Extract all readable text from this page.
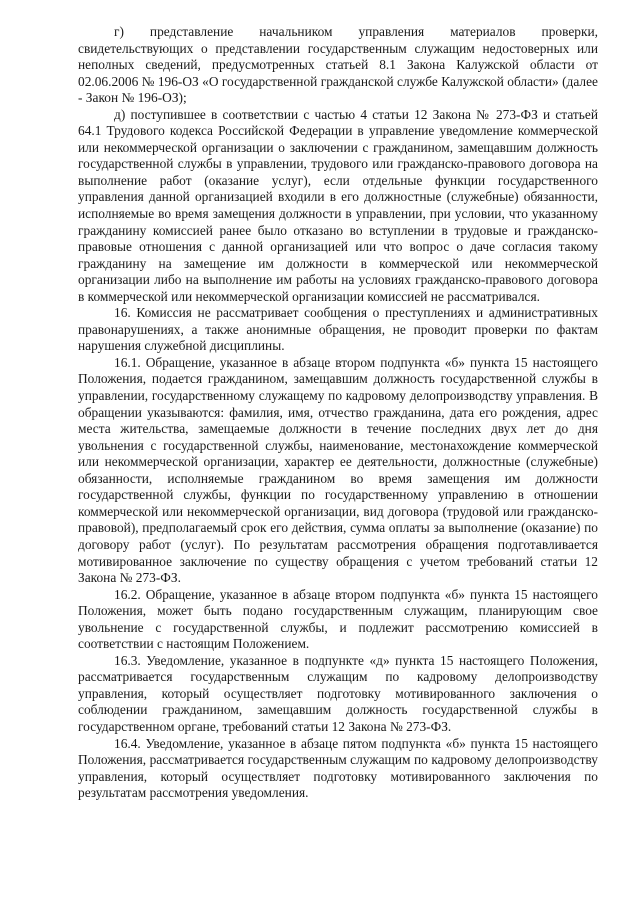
г) представление начальником управления материалов проверки, свидетельствующих о представлении государственным служащим недостоверных или неполных сведений, предусмотренных статьей 8.1 Закона Калужской области от 02.06.2006 № 196-ОЗ «О государственной гражданской службе Калужской области» (далее - Закон № 196-ОЗ);

д) поступившее в соответствии с частью 4 статьи 12 Закона № 273-ФЗ и статьей 64.1 Трудового кодекса Российской Федерации в управление уведомление коммерческой или некоммерческой организации о заключении с гражданином, замещавшим должность государственной службы в управлении, трудового или гражданско-правового договора на выполнение работ (оказание услуг), если отдельные функции государственного управления данной организацией входили в его должностные (служебные) обязанности, исполняемые во время замещения должности в управлении, при условии, что указанному гражданину комиссией ранее было отказано во вступлении в трудовые и гражданско-правовые отношения с данной организацией или что вопрос о даче согласия такому гражданину на замещение им должности в коммерческой или некоммерческой организации либо на выполнение им работы на условиях гражданско-правового договора в коммерческой или некоммерческой организации комиссией не рассматривался.

16. Комиссия не рассматривает сообщения о преступлениях и административных правонарушениях, а также анонимные обращения, не проводит проверки по фактам нарушения служебной дисциплины.

16.1. Обращение, указанное в абзаце втором подпункта «б» пункта 15 настоящего Положения, подается гражданином, замещавшим должность государственной службы в управлении, государственному служащему по кадровому делопроизводству управления. В обращении указываются: фамилия, имя, отчество гражданина, дата его рождения, адрес места жительства, замещаемые должности в течение последних двух лет до дня увольнения с государственной службы, наименование, местонахождение коммерческой или некоммерческой организации, характер ее деятельности, должностные (служебные) обязанности, исполняемые гражданином во время замещения им должности государственной службы, функции по государственному управлению в отношении коммерческой или некоммерческой организации, вид договора (трудовой или гражданско-правовой), предполагаемый срок его действия, сумма оплаты за выполнение (оказание) по договору работ (услуг). По результатам рассмотрения обращения подготавливается мотивированное заключение по существу обращения с учетом требований статьи 12 Закона № 273-ФЗ.

16.2. Обращение, указанное в абзаце втором подпункта «б» пункта 15 настоящего Положения, может быть подано государственным служащим, планирующим свое увольнение с государственной службы, и подлежит рассмотрению комиссией в соответствии с настоящим Положением.

16.3. Уведомление, указанное в подпункте «д» пункта 15 настоящего Положения, рассматривается государственным служащим по кадровому делопроизводству управления, который осуществляет подготовку мотивированного заключения о соблюдении гражданином, замещавшим должность государственной службы в государственном органе, требований статьи 12 Закона № 273-ФЗ.

16.4. Уведомление, указанное в абзаце пятом подпункта «б» пункта 15 настоящего Положения, рассматривается государственным служащим по кадровому делопроизводству управления, который осуществляет подготовку мотивированного заключения по результатам рассмотрения уведомления.
